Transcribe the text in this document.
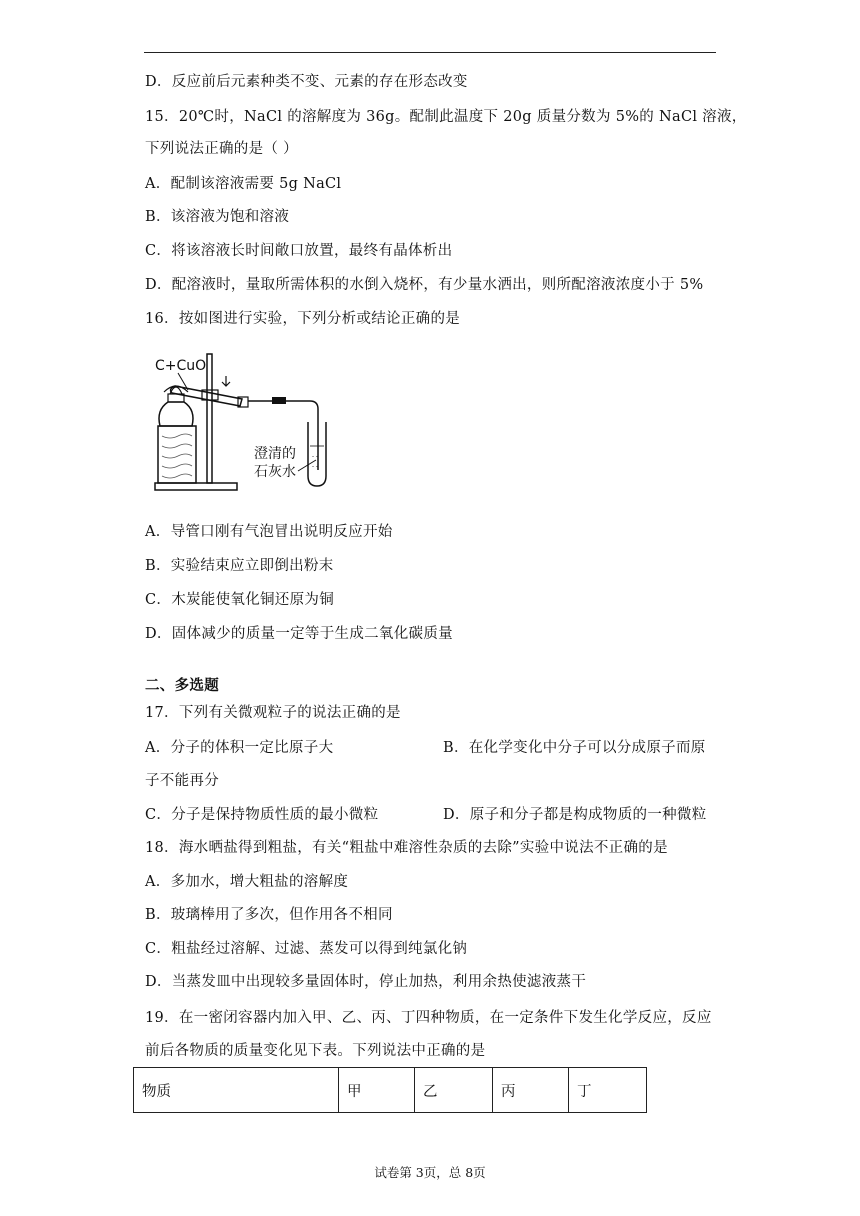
D．反应前后元素种类不变、元素的存在形态改变
15．20℃时，NaCl 的溶解度为 36g。配制此温度下 20g 质量分数为 5%的 NaCl 溶液，
下列说法正确的是（ ）
A．配制该溶液需要 5g NaCl
B．该溶液为饱和溶液
C．将该溶液长时间敞口放置，最终有晶体析出
D．配溶液时，量取所需体积的水倒入烧杯，有少量水洒出，则所配溶液浓度小于 5%
16．按如图进行实验，下列分析或结论正确的是
C+CuO
- -
- -
澄清的
石灰水
A．导管口刚有气泡冒出说明反应开始
B．实验结束应立即倒出粉末
C．木炭能使氧化铜还原为铜
D．固体减少的质量一定等于生成二氧化碳质量
二、多选题
17．下列有关微观粒子的说法正确的是
A．分子的体积一定比原子大	B．在化学变化中分子可以分成原子而原
子不能再分
C．分子是保持物质性质的最小微粒	D．原子和分子都是构成物质的一种微粒
18．海水晒盐得到粗盐，有关“粗盐中难溶性杂质的去除”实验中说法不正确的是
A．多加水，增大粗盐的溶解度
B．玻璃棒用了多次，但作用各不相同
C．粗盐经过溶解、过滤、蒸发可以得到纯氯化钠
D．当蒸发皿中出现较多量固体时，停止加热，利用余热使滤液蒸干
19．在一密闭容器内加入甲、乙、丙、丁四种物质，在一定条件下发生化学反应，反应
前后各物质的质量变化见下表。下列说法中正确的是
物质	甲	乙	丙	丁
试卷第 3页，总 8页
